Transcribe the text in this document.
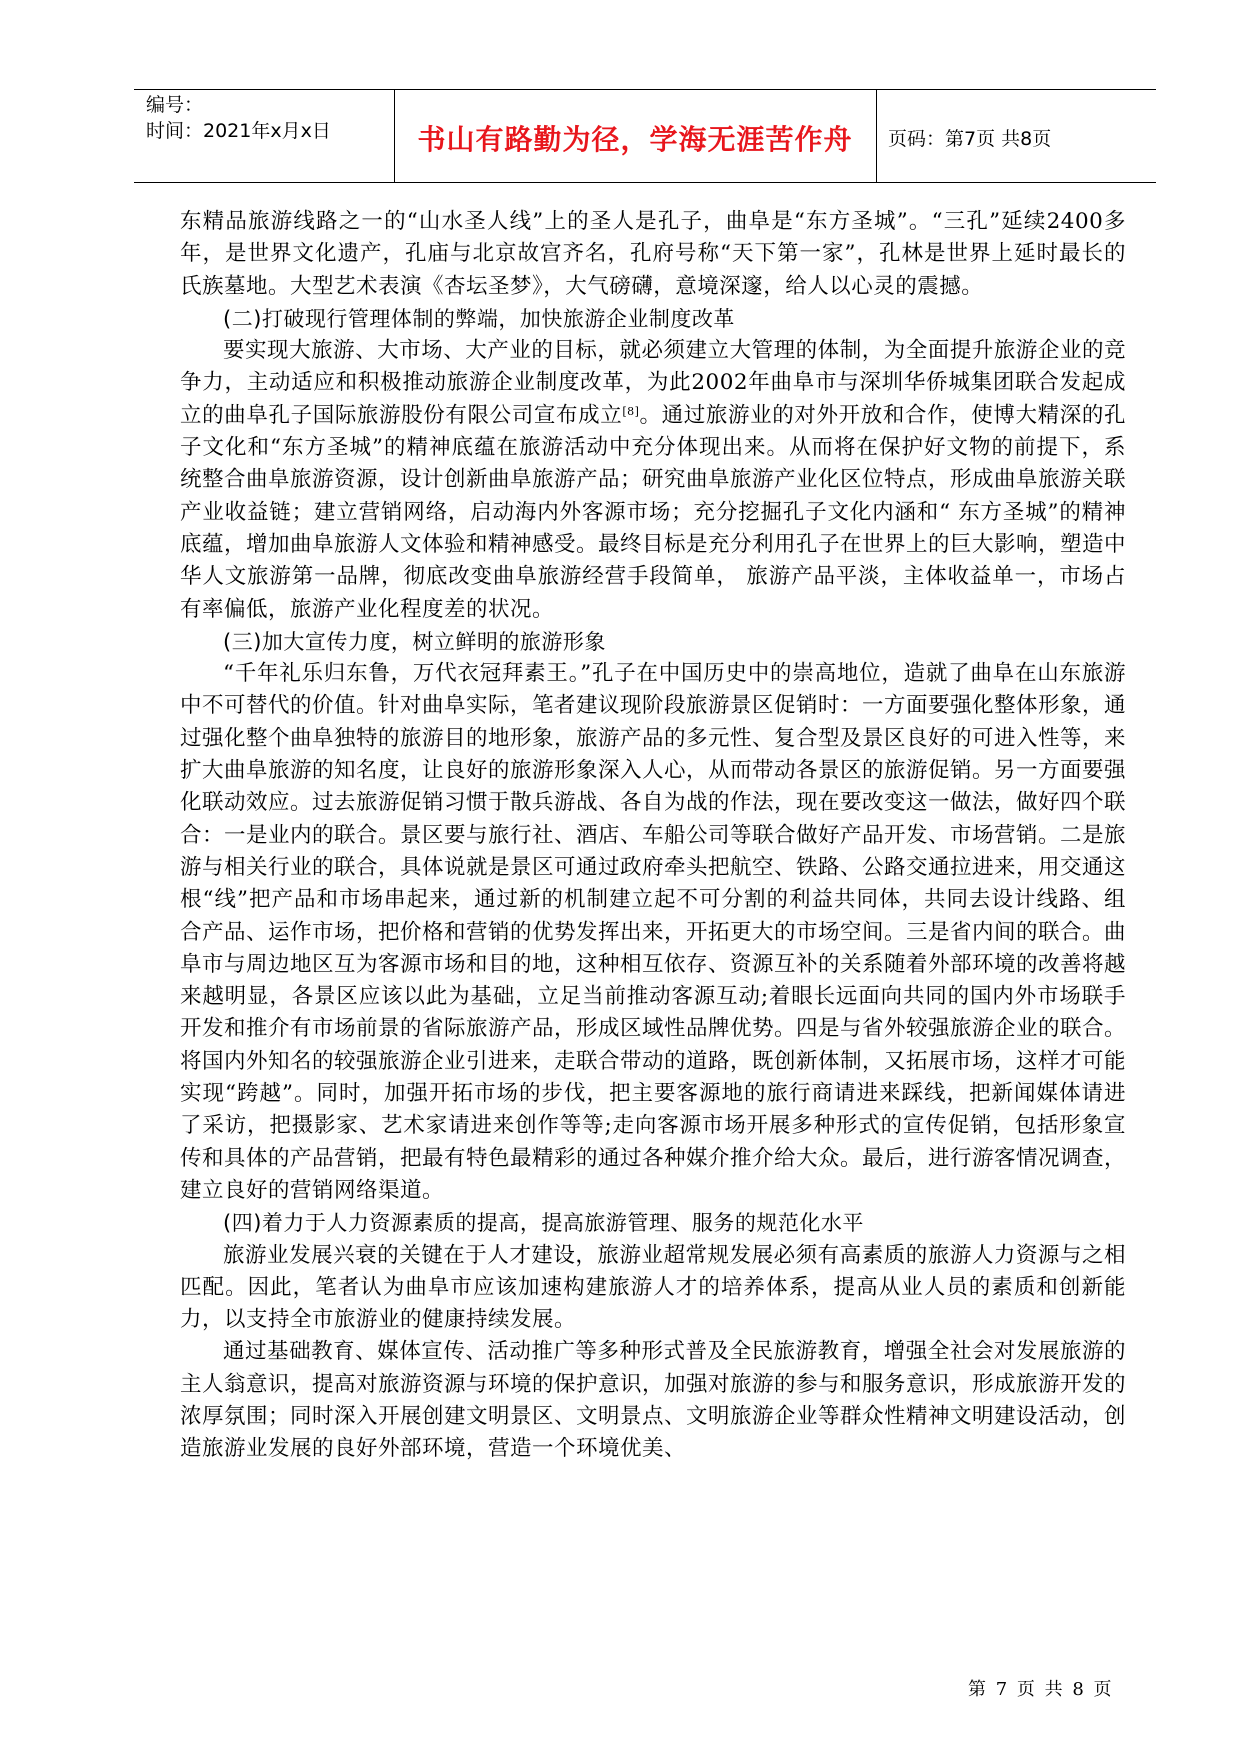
编号：
时间：2021年x月x日	书山有路勤为径，学海无涯苦作舟	页码：第7页 共8页

东精品旅游线路之一的“山水圣人线”上的圣人是孔子，曲阜是“东方圣城”。“三孔”延续2400多年，是世界文化遗产，孔庙与北京故宫齐名，孔府号称“天下第一家”，孔林是世界上延时最长的氏族墓地。大型艺术表演《杏坛圣梦》，大气磅礴，意境深邃，给人以心灵的震撼。

(二)打破现行管理体制的弊端，加快旅游企业制度改革

要实现大旅游、大市场、大产业的目标，就必须建立大管理的体制，为全面提升旅游企业的竞争力，主动适应和积极推动旅游企业制度改革，为此2002年曲阜市与深圳华侨城集团联合发起成立的曲阜孔子国际旅游股份有限公司宣布成立[8]。通过旅游业的对外开放和合作，使博大精深的孔子文化和“东方圣城”的精神底蕴在旅游活动中充分体现出来。从而将在保护好文物的前提下，系统整合曲阜旅游资源，设计创新曲阜旅游产品；研究曲阜旅游产业化区位特点，形成曲阜旅游关联产业收益链；建立营销网络，启动海内外客源市场；充分挖掘孔子文化内涵和“ 东方圣城”的精神底蕴，增加曲阜旅游人文体验和精神感受。最终目标是充分利用孔子在世界上的巨大影响，塑造中华人文旅游第一品牌，彻底改变曲阜旅游经营手段简单， 旅游产品平淡，主体收益单一，市场占有率偏低，旅游产业化程度差的状况。

(三)加大宣传力度，树立鲜明的旅游形象

“千年礼乐归东鲁，万代衣冠拜素王。”孔子在中国历史中的崇高地位，造就了曲阜在山东旅游中不可替代的价值。针对曲阜实际，笔者建议现阶段旅游景区促销时：一方面要强化整体形象，通过强化整个曲阜独特的旅游目的地形象，旅游产品的多元性、复合型及景区良好的可进入性等，来扩大曲阜旅游的知名度，让良好的旅游形象深入人心，从而带动各景区的旅游促销。另一方面要强化联动效应。过去旅游促销习惯于散兵游战、各自为战的作法，现在要改变这一做法，做好四个联合：一是业内的联合。景区要与旅行社、酒店、车船公司等联合做好产品开发、市场营销。二是旅游与相关行业的联合，具体说就是景区可通过政府牵头把航空、铁路、公路交通拉进来，用交通这根“线”把产品和市场串起来，通过新的机制建立起不可分割的利益共同体，共同去设计线路、组合产品、运作市场，把价格和营销的优势发挥出来，开拓更大的市场空间。三是省内间的联合。曲阜市与周边地区互为客源市场和目的地，这种相互依存、资源互补的关系随着外部环境的改善将越来越明显，各景区应该以此为基础，立足当前推动客源互动;着眼长远面向共同的国内外市场联手开发和推介有市场前景的省际旅游产品，形成区域性品牌优势。四是与省外较强旅游企业的联合。将国内外知名的较强旅游企业引进来，走联合带动的道路，既创新体制，又拓展市场，这样才可能实现“跨越”。同时，加强开拓市场的步伐，把主要客源地的旅行商请进来踩线，把新闻媒体请进了采访，把摄影家、艺术家请进来创作等等;走向客源市场开展多种形式的宣传促销，包括形象宣传和具体的产品营销，把最有特色最精彩的通过各种媒介推介给大众。最后，进行游客情况调查，建立良好的营销网络渠道。

(四)着力于人力资源素质的提高，提高旅游管理、服务的规范化水平

旅游业发展兴衰的关键在于人才建设，旅游业超常规发展必须有高素质的旅游人力资源与之相匹配。因此，笔者认为曲阜市应该加速构建旅游人才的培养体系，提高从业人员的素质和创新能力，以支持全市旅游业的健康持续发展。

通过基础教育、媒体宣传、活动推广等多种形式普及全民旅游教育，增强全社会对发展旅游的主人翁意识，提高对旅游资源与环境的保护意识，加强对旅游的参与和服务意识，形成旅游开发的浓厚氛围；同时深入开展创建文明景区、文明景点、文明旅游企业等群众性精神文明建设活动，创造旅游业发展的良好外部环境，营造一个环境优美、

第 7 页 共 8 页
